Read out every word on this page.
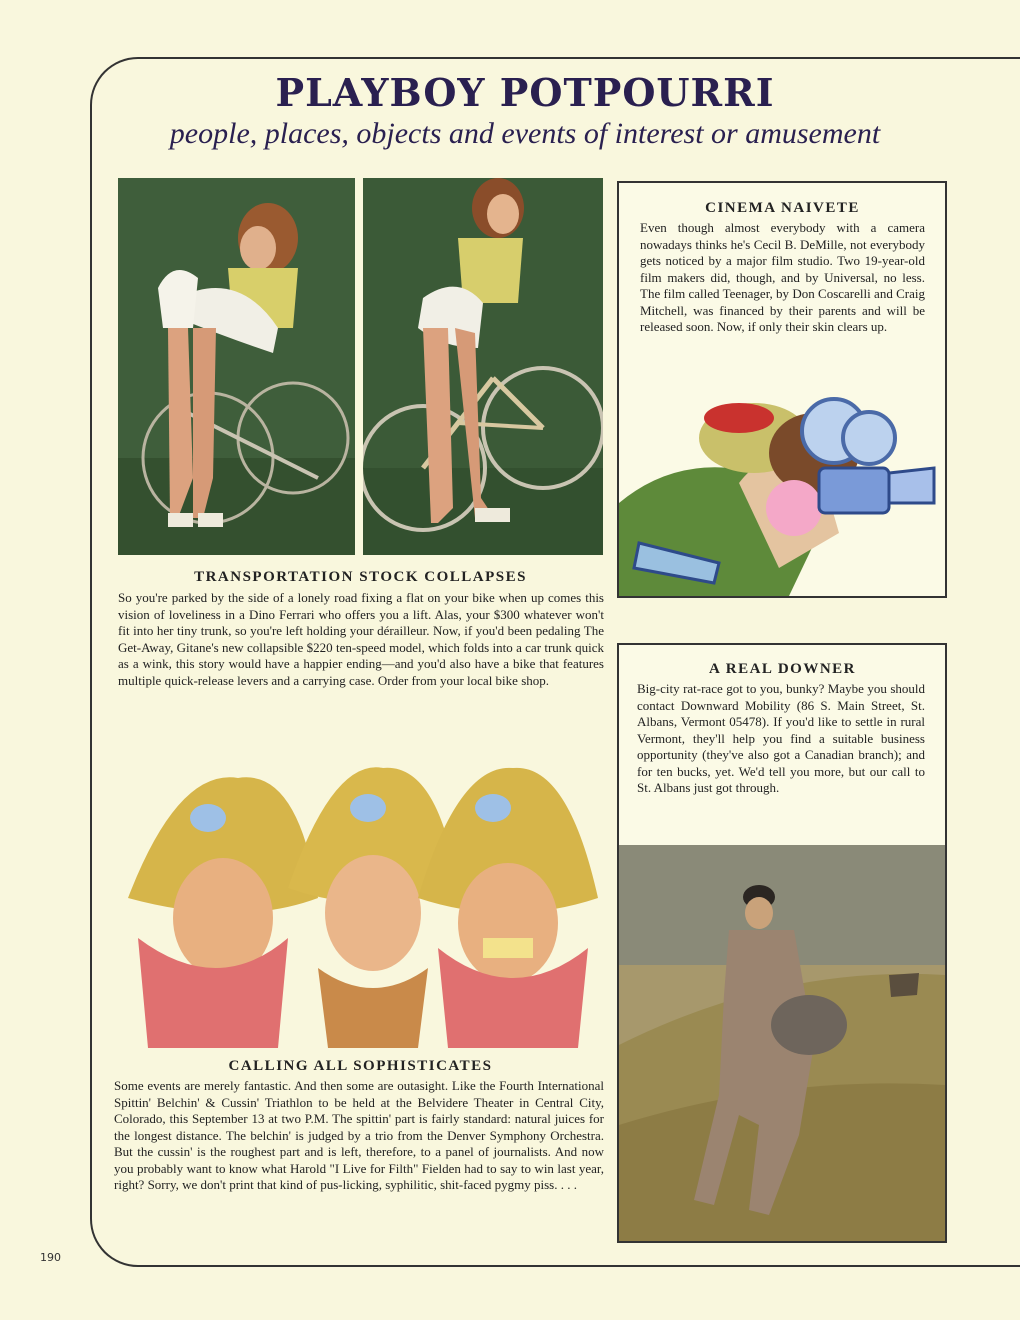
PLAYBOY POTPOURRI

people, places, objects and events of interest or amusement

CINEMA NAIVETE

Even though almost everybody with a camera nowadays thinks he's Cecil B. DeMille, not everybody gets noticed by a major film studio. Two 19-year-old film makers did, though, and by Universal, no less. The film called Teenager, by Don Coscarelli and Craig Mitchell, was financed by their parents and will be released soon. Now, if only their skin clears up.

TRANSPORTATION STOCK COLLAPSES

So you're parked by the side of a lonely road fixing a flat on your bike when up comes this vision of loveliness in a Dino Ferrari who offers you a lift. Alas, your $300 whatever won't fit into her tiny trunk, so you're left holding your dérailleur. Now, if you'd been pedaling The Get-Away, Gitane's new collapsible $220 ten-speed model, which folds into a car trunk quick as a wink, this story would have a happier ending—and you'd also have a bike that features multiple quick-release levers and a carrying case. Order from your local bike shop.

A REAL DOWNER

Big-city rat-race got to you, bunky? Maybe you should contact Downward Mobility (86 S. Main Street, St. Albans, Vermont 05478). If you'd like to settle in rural Vermont, they'll help you find a suitable business opportunity (they've also got a Canadian branch); and for ten bucks, yet. We'd tell you more, but our call to St. Albans just got through.

CALLING ALL SOPHISTICATES

Some events are merely fantastic. And then some are outasight. Like the Fourth International Spittin' Belchin' & Cussin' Triathlon to be held at the Belvidere Theater in Central City, Colorado, this September 13 at two P.M. The spittin' part is fairly standard: natural juices for the longest distance. The belchin' is judged by a trio from the Denver Symphony Orchestra. But the cussin' is the roughest part and is left, therefore, to a panel of journalists. And now you probably want to know what Harold "I Live for Filth" Fielden had to say to win last year, right? Sorry, we don't print that kind of pus-licking, syphilitic, shit-faced pygmy piss. . . .

190
